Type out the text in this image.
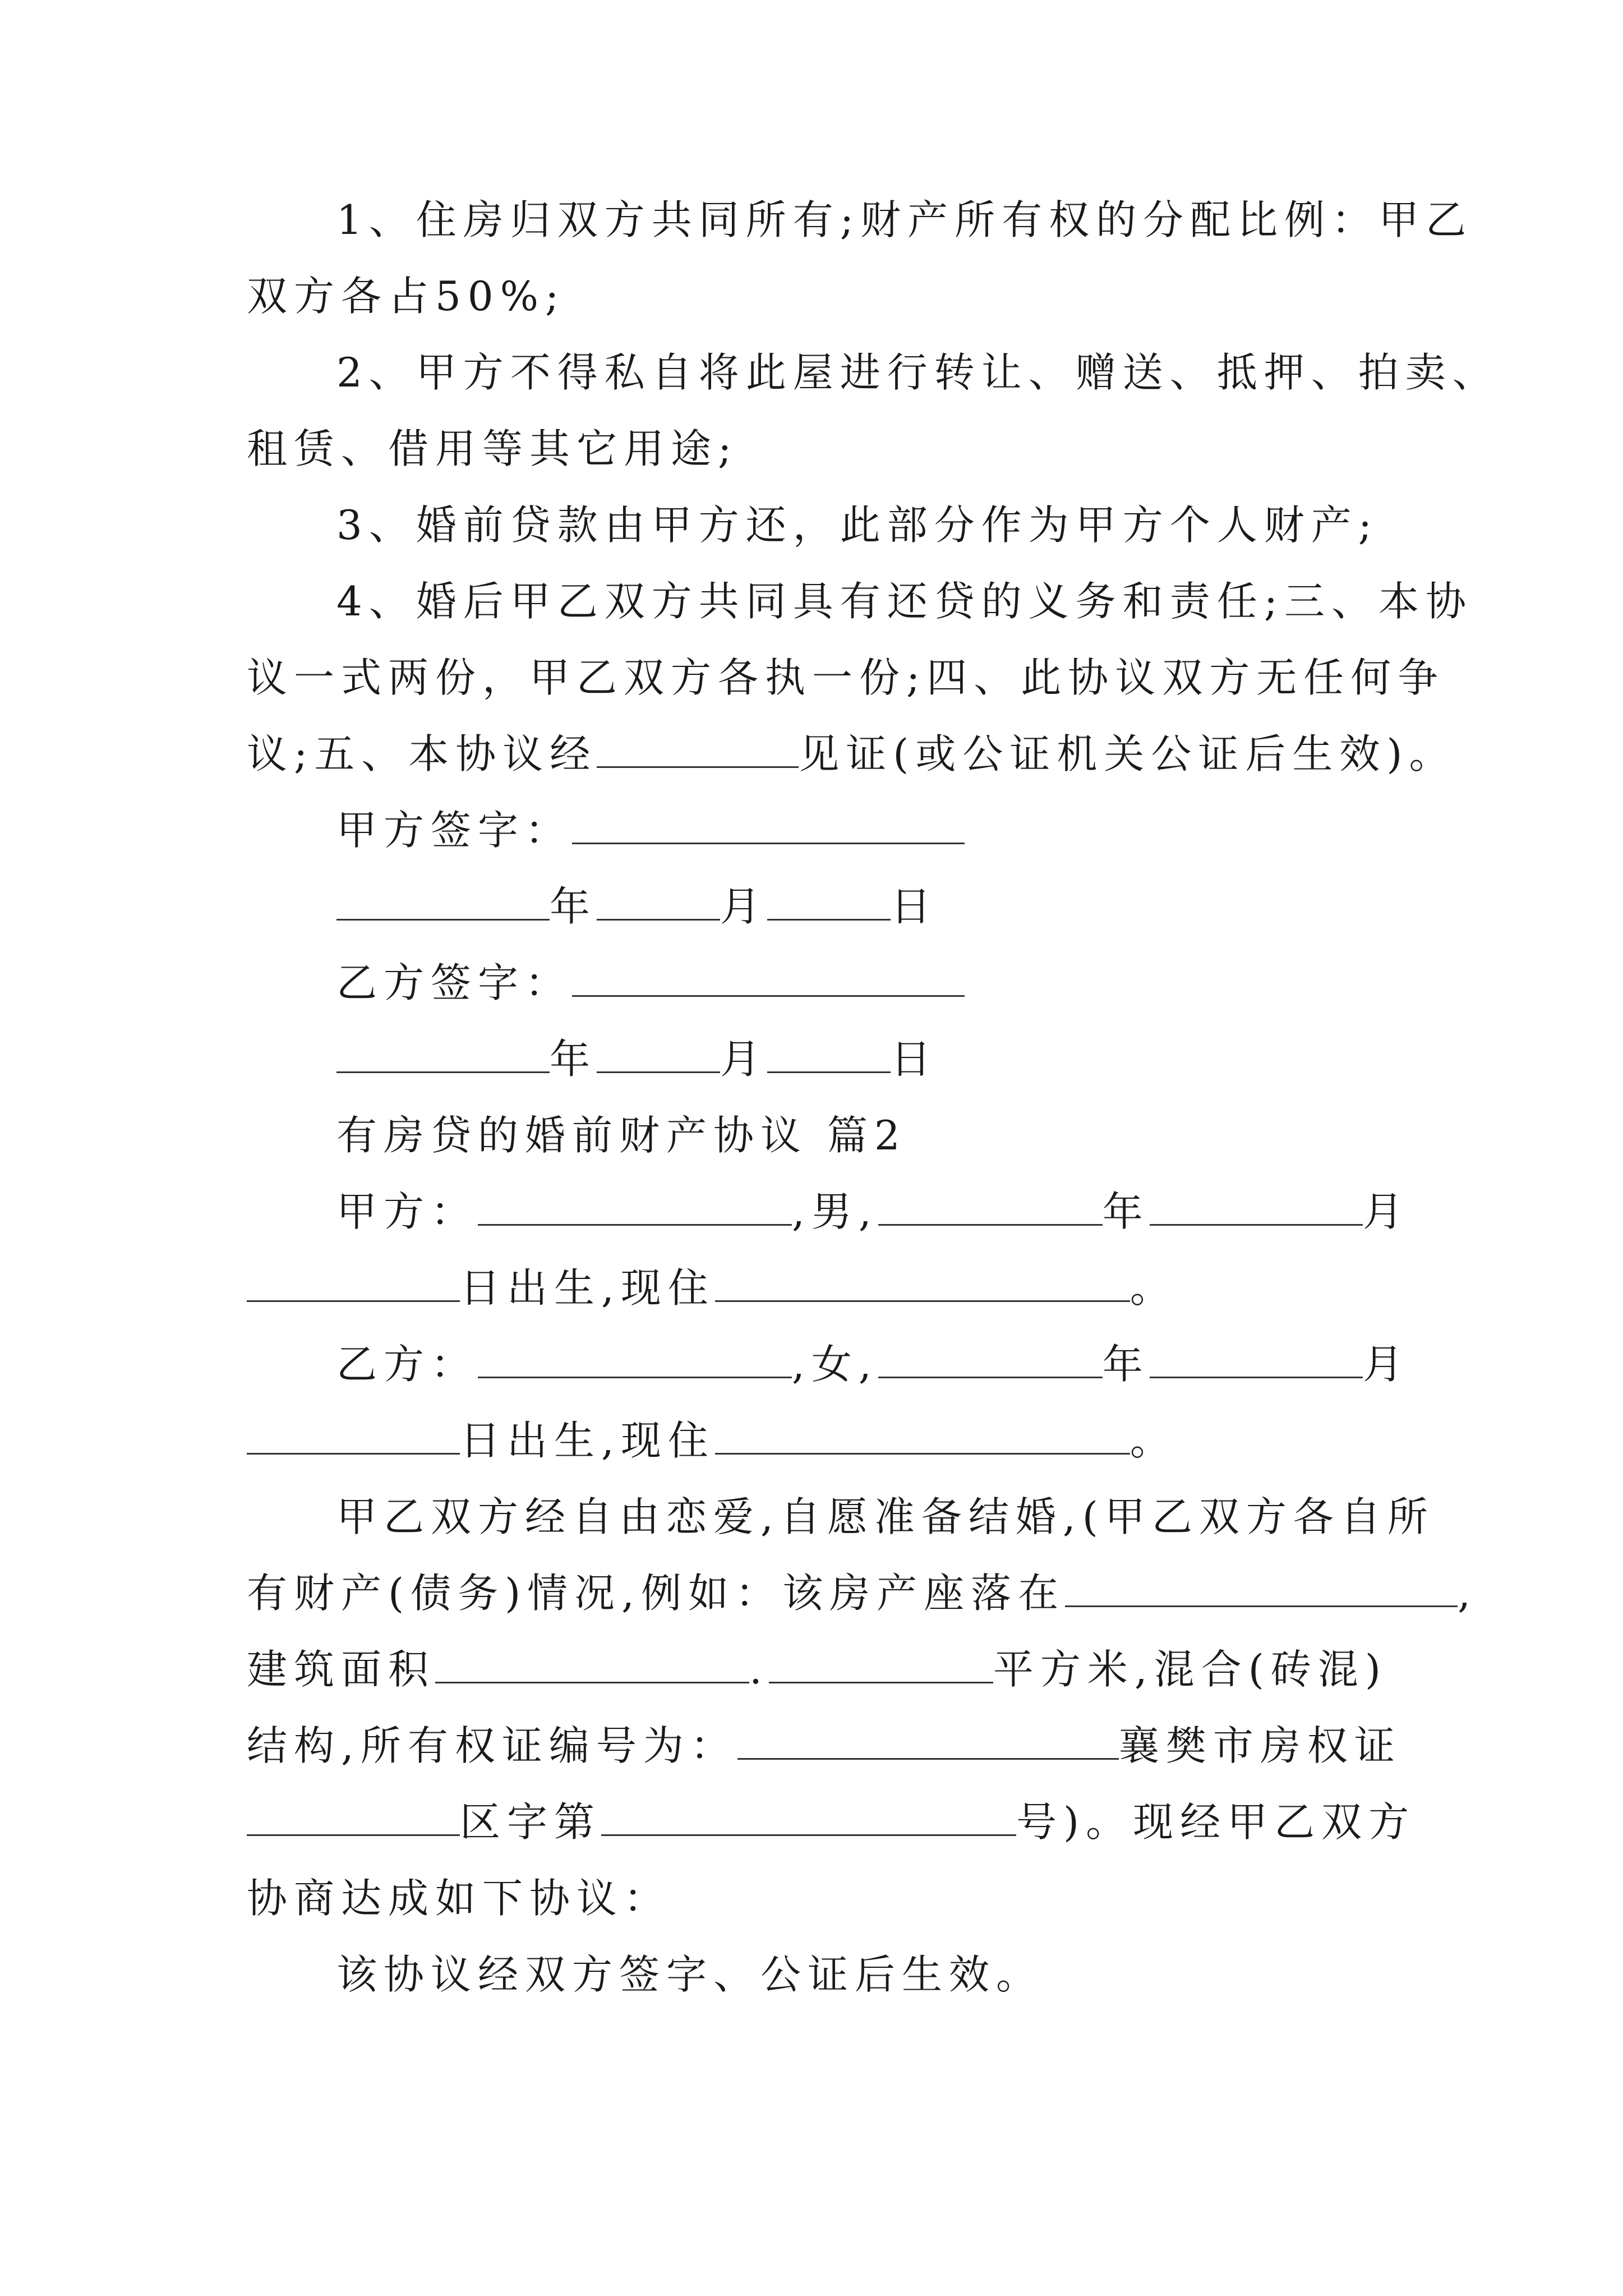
1、住房归双方共同所有;财产所有权的分配比例：甲乙
双方各占50%;
2、甲方不得私自将此屋进行转让、赠送、抵押、拍卖、
租赁、借用等其它用途;
3、婚前贷款由甲方还，此部分作为甲方个人财产;
4、婚后甲乙双方共同具有还贷的义务和责任;三、本协
议一式两份，甲乙双方各执一份;四、此协议双方无任何争
议;五、本协议经	见证(或公证机关公证后生效)。
甲方签字：
年	月	日
乙方签字：
年	月	日
有房贷的婚前财产协议 篇2
甲方：	,男,	年	月
日出生,现住	。
乙方：	,女,	年	月
日出生,现住	。
甲乙双方经自由恋爱,自愿准备结婚,(甲乙双方各自所
有财产(债务)情况,例如：该房产座落在	,
建筑面积	.	平方米,混合(砖混)
结构,所有权证编号为：	襄樊市房权证
区字第	号)。现经甲乙双方
协商达成如下协议：
该协议经双方签字、公证后生效。
